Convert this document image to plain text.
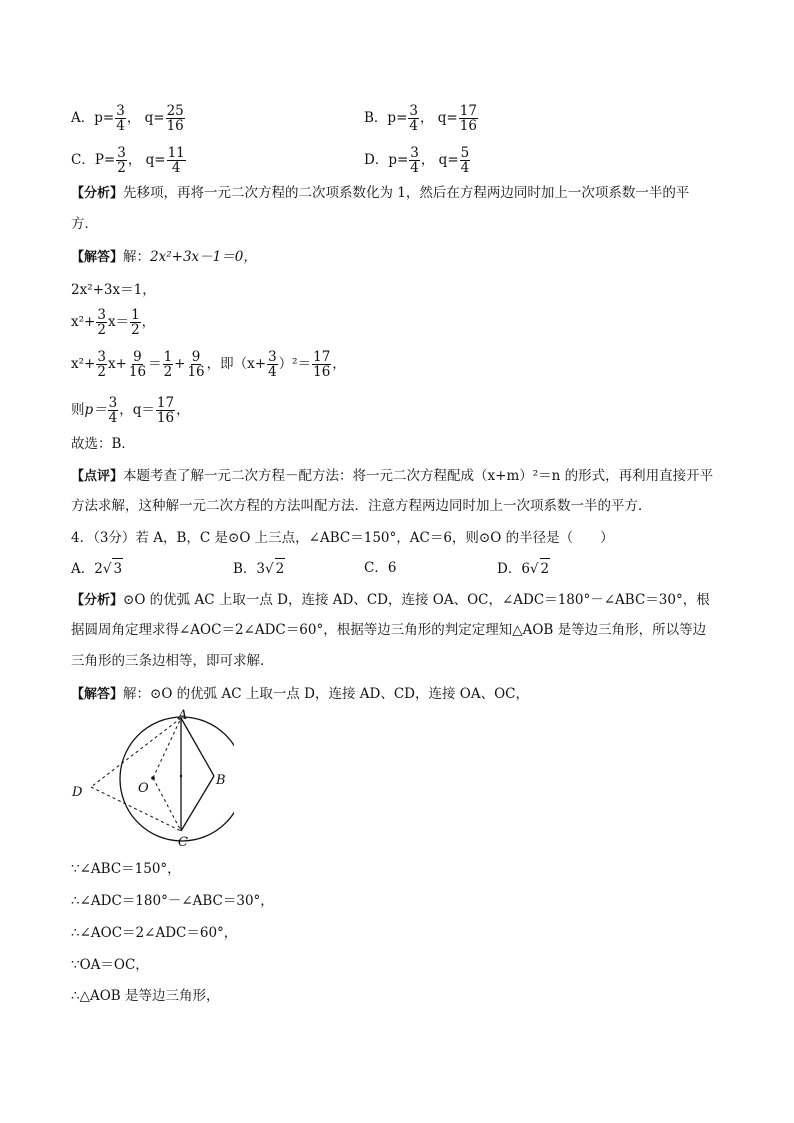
A．$p= \frac{3}{4}$ ， $q= \frac{25}{16}$	B．$p= \frac{3}{4}$ ， $q= \frac{17}{16}$
C．$P= \frac{3}{2}$ ， $q= \frac{11}{4}$	D．$p= \frac{3}{4}$ ， $q= \frac{5}{4}$
【分析】先移项，再将一元二次方程的二次项系数化为 1，然后在方程两边同时加上一次项系数一半的平
方．
【解答】解：2x²+3x－1＝0，
2x²+3x＝1，
$x^2+ \frac{3}{2} x= \frac{1}{2}$ ，
$x^2+ \frac{3}{2} x+ \frac{9}{16} = \frac{1}{2} + \frac{9}{16}$ ，即$(x+ \frac{3}{4} )^2= \frac{17}{16}$ ，
则$p= \frac{3}{4}$ ，$q= \frac{17}{16}$ ，
故选：B．
【点评】本题考查了解一元二次方程－配方法：将一元二次方程配成（x+m）²＝n 的形式，再利用直接开平
方法求解，这种解一元二次方程的方法叫配方法．注意方程两边同时加上一次项系数一半的平方．
4．（3分）若 A，B，C 是⊙O 上三点，∠ABC＝150°，AC＝6，则⊙O 的半径是（　　）
A．2√ 3	B．3√ 2	C．6	D．6√ 2
【分析】⊙O 的优弧 AC 上取一点 D，连接 AD、CD，连接 OA、OC，∠ADC＝180°－∠ABC＝30°，根
据圆周角定理求得∠AOC＝2∠ADC＝60°，根据等边三角形的判定定理知△AOB 是等边三角形，所以等边
三角形的三条边相等，即可求解．
【解答】解：⊙O 的优弧 AC 上取一点 D，连接 AD、CD，连接 OA、OC，
A
B
C
D	O
∵∠ABC＝150°，
∴∠ADC＝180°－∠ABC＝30°，
∴∠AOC＝2∠ADC＝60°，
∵OA＝OC，
∴△AOB 是等边三角形，
